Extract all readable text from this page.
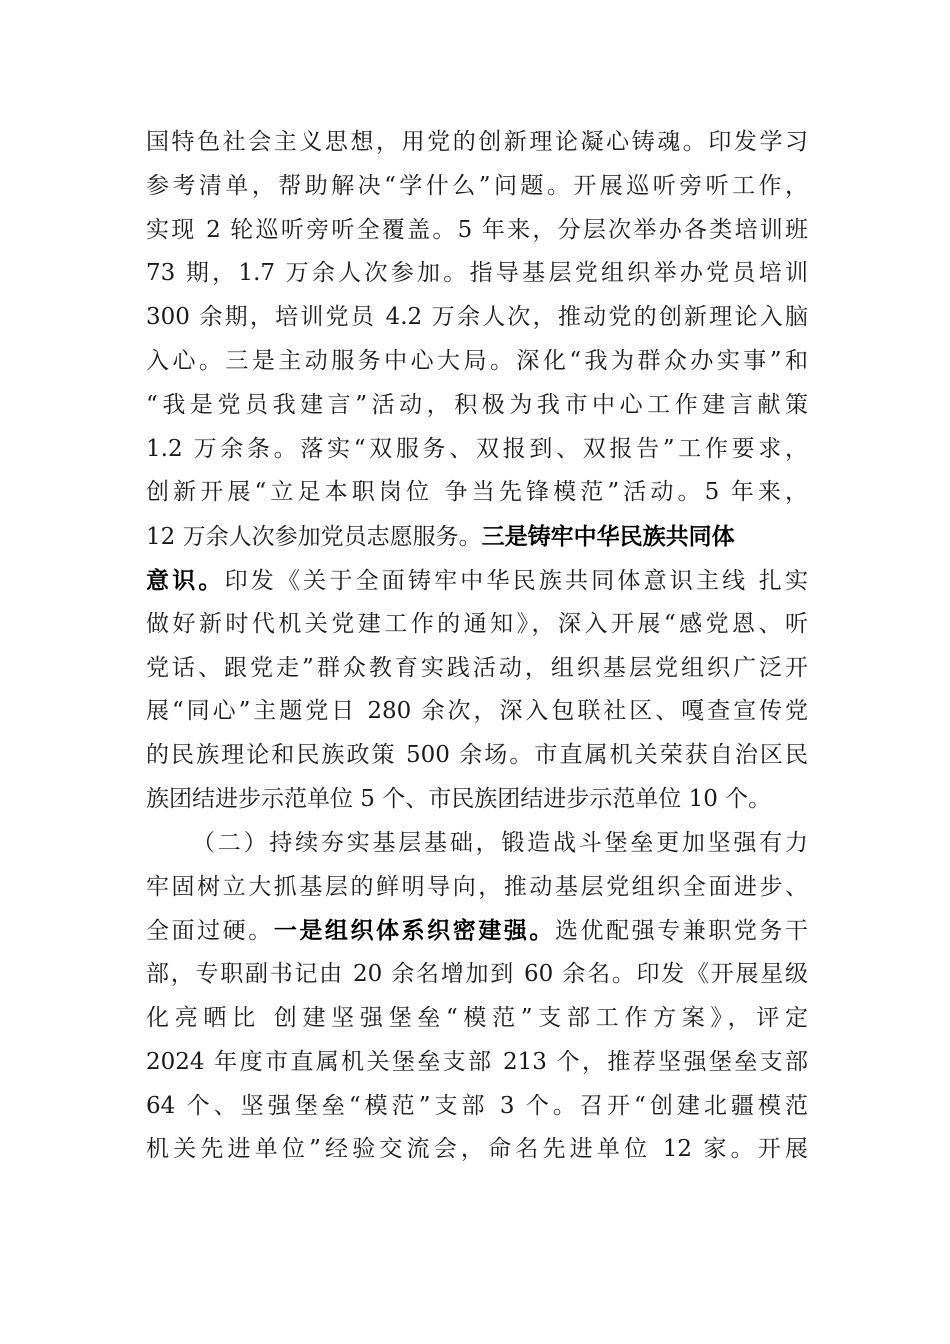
国特色社会主义思想，用党的创新理论凝心铸魂。印发学习
参考清单，帮助解决“学什么”问题。开展巡听旁听工作，
实现 2 轮巡听旁听全覆盖。5 年来，分层次举办各类培训班
73 期，1.7 万余人次参加。指导基层党组织举办党员培训
300 余期，培训党员 4.2 万余人次，推动党的创新理论入脑
入心。三是主动服务中心大局。深化“我为群众办实事”和
“我是党员我建言”活动，积极为我市中心工作建言献策
1.2 万余条。落实“双服务、双报到、双报告”工作要求，
创新开展“立足本职岗位 争当先锋模范”活动。5 年来，
12 万余人次参加党员志愿服务。三是铸牢中华民族共同体
意识。印发《关于全面铸牢中华民族共同体意识主线 扎实
做好新时代机关党建工作的通知》，深入开展“感党恩、听
党话、跟党走”群众教育实践活动，组织基层党组织广泛开
展“同心”主题党日 280 余次，深入包联社区、嘎查宣传党
的民族理论和民族政策 500 余场。市直属机关荣获自治区民
族团结进步示范单位 5 个、市民族团结进步示范单位 10 个。
（二）持续夯实基层基础，锻造战斗堡垒更加坚强有力
牢固树立大抓基层的鲜明导向，推动基层党组织全面进步、
全面过硬。一是组织体系织密建强。选优配强专兼职党务干
部，专职副书记由 20 余名增加到 60 余名。印发《开展星级
化亮晒比 创建坚强堡垒“模范”支部工作方案》，评定
2024 年度市直属机关堡垒支部 213 个，推荐坚强堡垒支部
64 个、坚强堡垒“模范”支部 3 个。召开“创建北疆模范
机关先进单位”经验交流会，命名先进单位 12 家。开展
